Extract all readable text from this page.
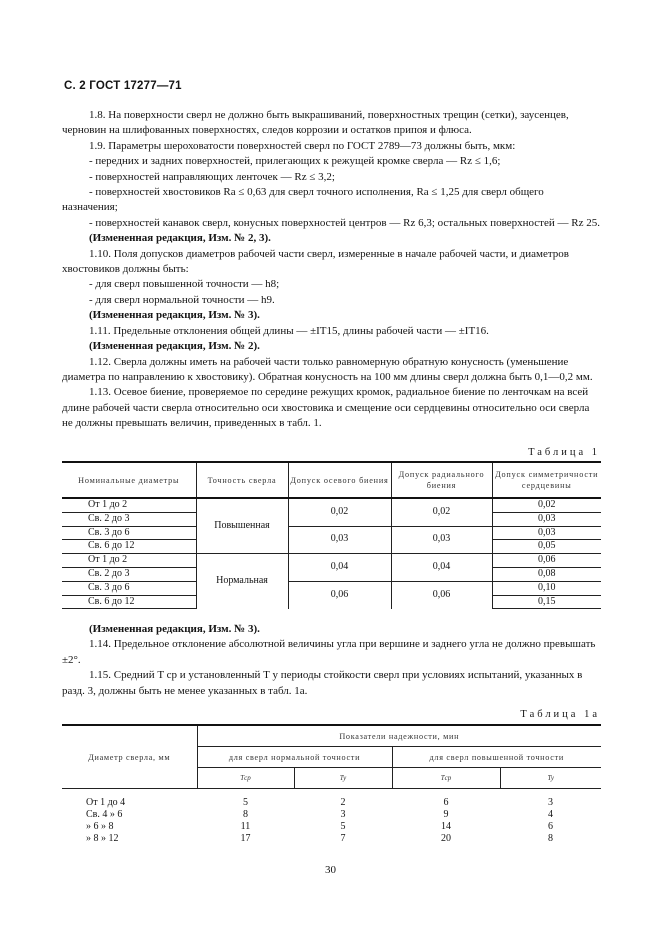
С. 2 ГОСТ 17277—71

1.8. На поверхности сверл не должно быть выкрашиваний, поверхностных трещин (сетки), заусенцев, черновин на шлифованных поверхностях, следов коррозии и остатков припоя и флюса.

1.9. Параметры шероховатости поверхностей сверл по ГОСТ 2789—73 должны быть, мкм:

- передних и задних поверхностей, прилегающих к режущей кромке сверла — Rz ≤ 1,6;

- поверхностей направляющих ленточек — Rz ≤ 3,2;

- поверхностей хвостовиков Ra ≤ 0,63 для сверл точного исполнения, Ra ≤ 1,25 для сверл общего назначения;

- поверхностей канавок сверл, конусных поверхностей центров — Rz 6,3; остальных поверхностей — Rz 25.

(Измененная редакция, Изм. № 2, 3).

1.10. Поля допусков диаметров рабочей части сверл, измеренные в начале рабочей части, и диаметров хвостовиков должны быть:

- для сверл повышенной точности — h8;

- для сверл нормальной точности — h9.

(Измененная редакция, Изм. № 3).

1.11. Предельные отклонения общей длины — ±IT15, длины рабочей части — ±IT16.

(Измененная редакция, Изм. № 2).

1.12. Сверла должны иметь на рабочей части только равномерную обратную конусность (уменьшение диаметра по направлению к хвостовику). Обратная конусность на 100 мм длины сверл должна быть 0,1—0,2 мм.

1.13. Осевое биение, проверяемое по середине режущих кромок, радиальное биение по ленточкам на всей длине рабочей части сверла относительно оси хвостовика и смещение оси сердцевины относительно оси сверла не должны превышать величин, приведенных в табл. 1.

Таблица 1
Номинальные диаметры	Точность сверла	Допуск осевого биения	Допуск радиального биения	Допуск симметричности сердцевины
От 1 до 2	Повышенная	0,02	0,02	0,02
Св. 2 до 3				0,03
Св. 3 до 6		0,03	0,03	0,03
Св. 6 до 12				0,05
От 1 до 2	Нормальная	0,04	0,04	0,06
Св. 2 до 3				0,08
Св. 3 до 6		0,06	0,06	0,10
Св. 6 до 12				0,15

(Измененная редакция, Изм. № 3).

1.14. Предельное отклонение абсолютной величины угла при вершине и заднего угла не должно превышать ±2°.

1.15. Средний T ср и установленный T у периоды стойкости сверл при условиях испытаний, указанных в разд. 3, должны быть не менее указанных в табл. 1а.

Таблица 1а
Диаметр сверла, мм	Показатели надежности, мин			
	для сверл нормальной точности		для сверл повышенной точности	
	Tср	Ty	Tср	Ty
От 1 до 4	5	2	6	3
Св. 4 » 6	8	3	9	4
» 6 » 8	11	5	14	6
» 8 » 12	17	7	20	8
30
